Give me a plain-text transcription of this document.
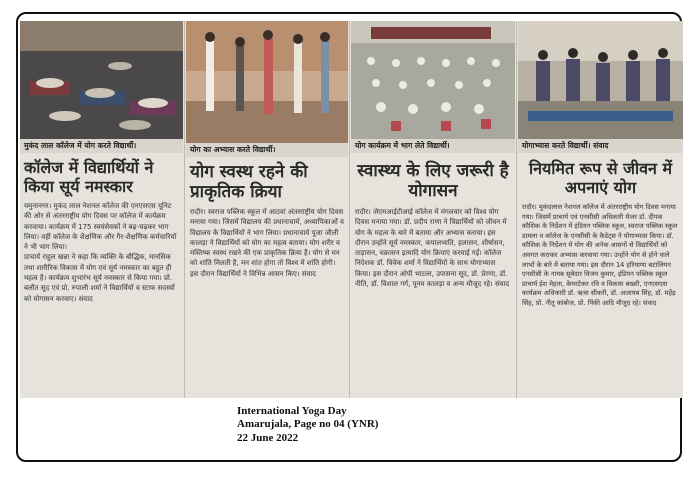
मुकंद लाल कॉलेज में योग करते विद्यार्थी।
कॉलेज में विद्यार्थियों ने किया सूर्य नमस्कार

यमुनानगर। मुकंद लाल नेशनल कॉलेज की एनएसएस यूनिट की ओर से अंतरराष्ट्रीय योग दिवस पर कॉलेज में कार्यक्रम करवाया। कार्यक्रम में 175 स्वयंसेवकों ने बढ़-चढ़कर भाग लिया। वहीं कॉलेज के शैक्षणिक और गैर-शैक्षणिक कर्मचारियों ने भी भाग लिया।

प्राचार्य राहुल खन्ना ने कहा कि व्यक्ति के बौद्धिक, मानसिक तथा शारीरिक विकास में योग एवं सूर्य नमस्कार का बहुत ही महत्व है। कार्यक्रम शुभारंभ सूर्य नमस्कार से किया गया। प्रो. बलौत सूद एवं प्रो. रुपाली शर्मा ने विद्यार्थियों व स्टाफ सदस्यों को योगासन करवाए। संवाद

योग का अभ्यास करते विद्यार्थी।
योग स्वस्थ रहने की प्राकृतिक क्रिया

रादौर। स्वराज पब्लिक स्कूल में आठवां अंतरराष्ट्रीय योग दिवस मनाया गया। जिसमें विद्यालय की प्रधानाचार्य, अध्यापिकाओं व विद्यालय के विद्यार्थियों ने भाग लिया। प्रधानाचार्य पूजा जौली कालड़ा ने विद्यार्थियों को योग का महत्व बताया। योग शरीर व मस्तिष्क स्वस्थ रखने की एक प्राकृतिक क्रिया है। योग से मन को शांति मिलती है, मन शांत होगा तो विश्व में शांति होगी। इस दौरान विद्यार्थियों ने विभिन्न आसन किए। संवाद

योग कार्यक्रम में भाग लेते विद्यार्थी।
स्वास्थ्य के लिए जरूरी है योगासन

रादौर। जेएमआईटीआई कॉलेज में मंगलवार को विश्व योग दिवस मनाया गया। डॉ. प्रदीप राणा ने विद्यार्थियों को जीवन में योग के महत्व के बारे में बताया और अभ्यास कराया। इस दौरान उन्होंने सूर्य नमस्कार, कपालभाति, हलासन, शीर्षासन, ताड़ासन, चक्रासन इत्यादि योग क्रियाएं करवाई गईं। कॉलेज निदेशक डॉ. विवेक शर्मा ने विद्यार्थियों के साथ योगाभ्यास किया। इस दौरान ओपी भाटला, उपासना सूद, डॉ. प्रेरणा, डॉ. नीति, डॉ. विशाल गर्ग, पूनम कालड़ा व अन्य मौजूद रहे। संवाद

योगाभ्यास करते विद्यार्थी। संवाद
नियमित रूप से जीवन में अपनाएं योग

रादौर। मुकंदलाल नेशनल कॉलेज में अंतरराष्ट्रीय योग दिवस मनाया गया। जिसमें प्राचार्य एवं एनसीसी अधिकारी मेजर डॉ. दीपक कौशिक के निर्देशन में इंडियन पब्लिक स्कूल, स्वराज पब्लिक स्कूल डामला व कॉलेज के एनसीसी के कैडेट्स ने योगाभ्यास किया। डॉ. कौशिक के निर्देशन में योग की अनेक आसनों से विद्यार्थियों को अवगत कराकर अभ्यास करवाया गया। उन्होंने योग से होने वाले लाभों के बारे में बताया गया। इस दौरान 14 हरियाणा बटालियन एनसीसी के नायब सूबेदार विजय कुमार, इंडियन पब्लिक स्कूल प्राचार्य ईश मेहता, केयरटेकर रवि व विकास बख्शी, एनएसएस कार्यक्रम अधिकारी डॉ. ऋचा सीकरी, डॉ. अजायब सिंह, डॉ. महेंद्र सिंह, प्रो. नीतू कांबोज, प्रो. पिंकी आदि मौजूद रहे। संवाद

International Yoga Day
Amarujala, Page no 04 (YNR)
22 June 2022
